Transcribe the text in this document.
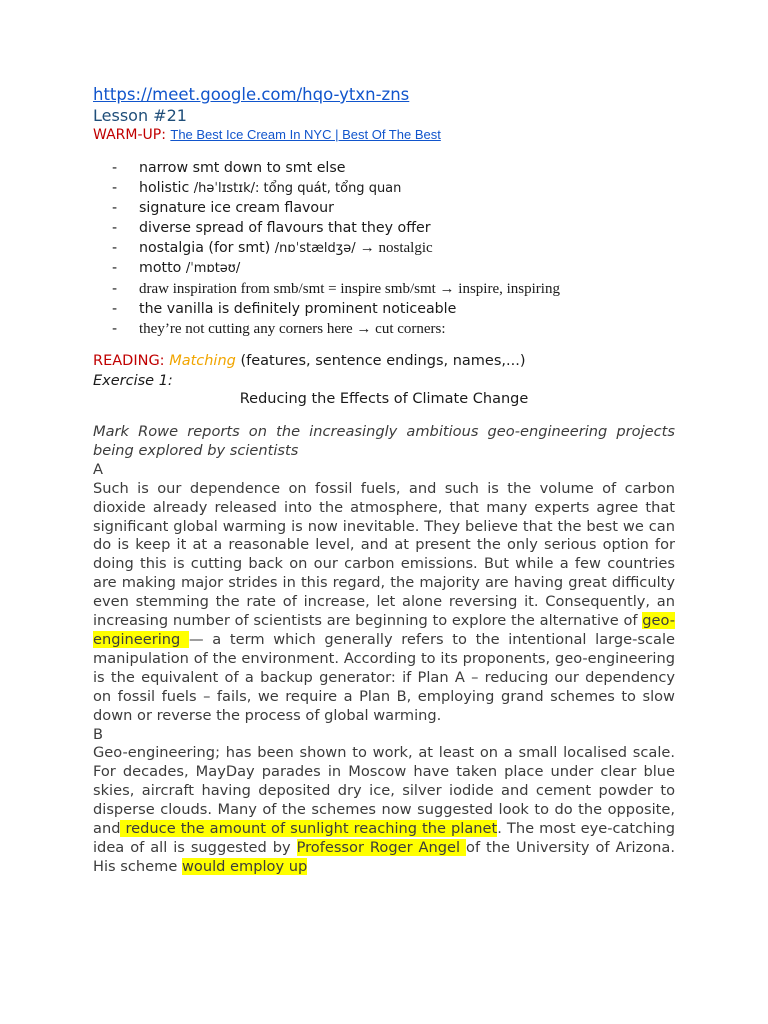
https://meet.google.com/hqo-ytxn-zns
Lesson #21
WARM-UP: The Best Ice Cream In NYC | Best Of The Best
- narrow smt down to smt else
- holistic /həˈlɪstɪk/: tổng quát, tổng quan
- signature ice cream flavour
- diverse spread of flavours that they offer
- nostalgia (for smt) /nɒˈstældʒə/ → nostalgic
- motto /ˈmɒtəʊ/
- draw inspiration from smb/smt = inspire smb/smt → inspire, inspiring
- the vanilla is definitely prominent noticeable
- they’re not cutting any corners here → cut corners:
READING: Matching (features, sentence endings, names,...)
Exercise 1:
Reducing the Effects of Climate Change

Mark Rowe reports on the increasingly ambitious geo-engineering projects being explored by scientists

A

Such is our dependence on fossil fuels, and such is the volume of carbon dioxide already released into the atmosphere, that many experts agree that significant global warming is now inevitable. They believe that the best we can do is keep it at a reasonable level, and at present the only serious option for doing this is cutting back on our carbon emissions. But while a few countries are making major strides in this regard, the majority are having great difficulty even stemming the rate of increase, let alone reversing it. Consequently, an increasing number of scientists are beginning to explore the alternative of geo-engineering — a term which generally refers to the intentional large-scale manipulation of the environment. According to its proponents, geo-engineering is the equivalent of a backup generator: if Plan A – reducing our dependency on fossil fuels – fails, we require a Plan B, employing grand schemes to slow down or reverse the process of global warming.

B

Geo-engineering; has been shown to work, at least on a small localised scale. For decades, MayDay parades in Moscow have taken place under clear blue skies, aircraft having deposited dry ice, silver iodide and cement powder to disperse clouds. Many of the schemes now suggested look to do the opposite, and reduce the amount of sunlight reaching the planet. The most eye-catching idea of all is suggested by Professor Roger Angel of the University of Arizona. His scheme would employ up
